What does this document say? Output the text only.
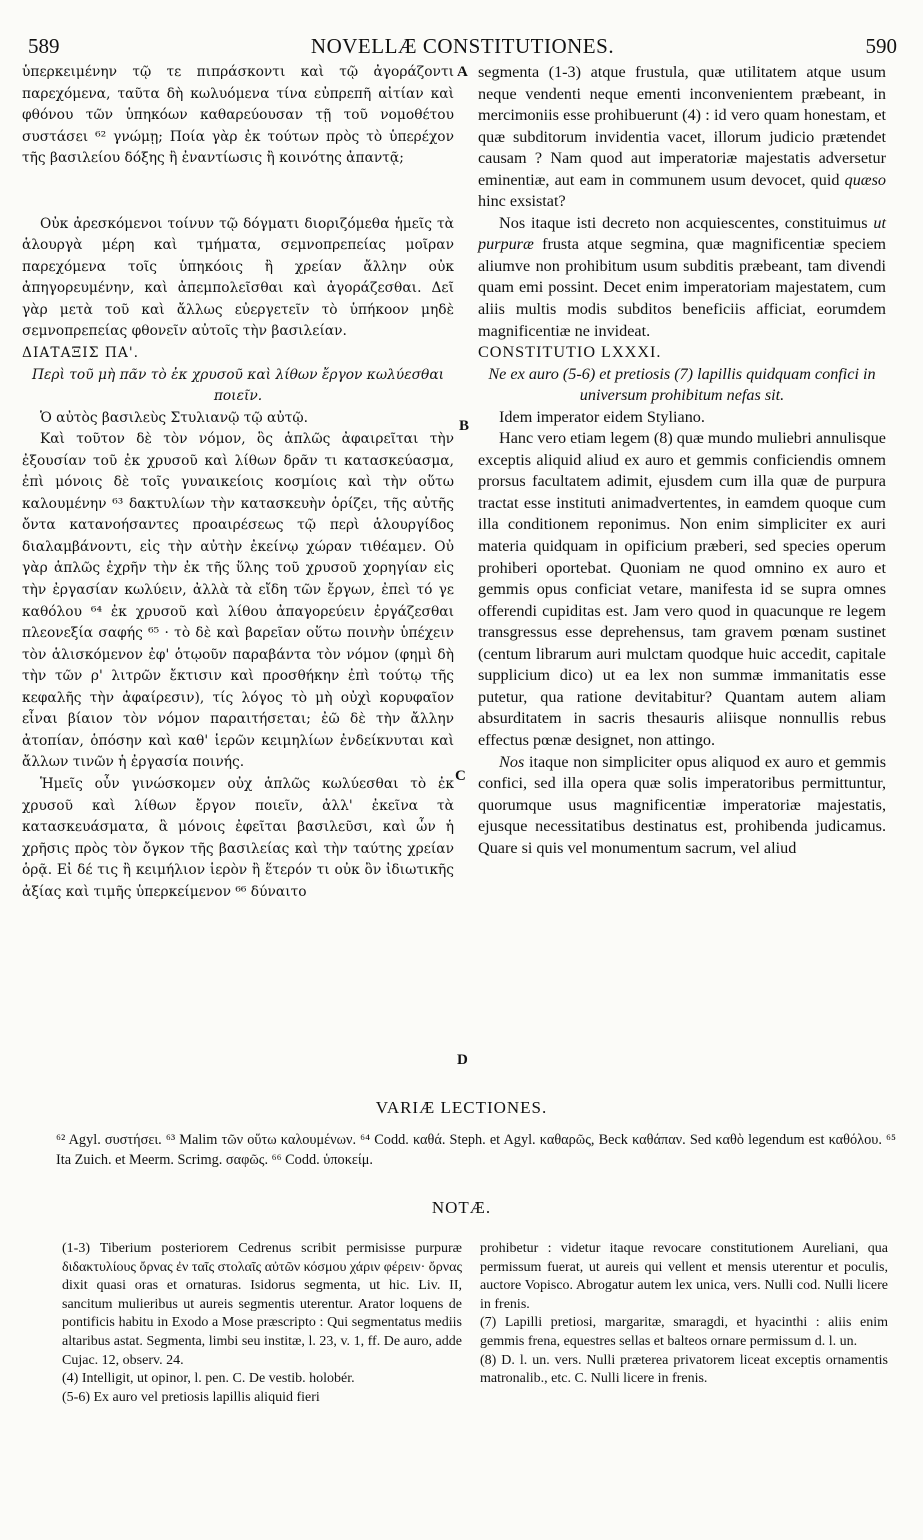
589	NOVELLÆ CONSTITUTIONES.	590

ὑπερκειμένην τῷ τε πιπράσκοντι καὶ τῷ ἀγοράζοντι παρεχόμενα, ταῦτα δὴ κωλυόμενα τίνα εὐπρεπῆ αἰτίαν καὶ φθόνου τῶν ὑπηκόων καθαρεύουσαν τῇ τοῦ νομοθέτου συστάσει ⁶² γνώμῃ; Ποία γὰρ ἐκ τούτων πρὸς τὸ ὑπερέχον τῆς βασιλείου δόξης ἢ ἐναντίωσις ἢ κοινότης ἀπαντᾷ;

Οὐκ ἀρεσκόμενοι τοίνυν τῷ δόγματι διοριζόμεθα ἡμεῖς τὰ ἁλουργὰ μέρη καὶ τμήματα, σεμνοπρεπείας μοῖραν παρεχόμενα τοῖς ὑπηκόοις ἢ χρείαν ἄλλην οὐκ ἀπηγορευμένην, καὶ ἀπεμπολεῖσθαι καὶ ἀγοράζεσθαι. Δεῖ γὰρ μετὰ τοῦ καὶ ἄλλως εὐεργετεῖν τὸ ὑπήκοον μηδὲ σεμνοπρεπείας φθονεῖν αὐτοῖς τὴν βασιλείαν.

ΔΙΑΤΑΞΙΣ ΠΑ'.

Περὶ τοῦ μὴ πᾶν τὸ ἐκ χρυσοῦ καὶ λίθων ἔργον κωλύεσθαι ποιεῖν.

Ὁ αὐτὸς βασιλεὺς Στυλιανῷ τῷ αὐτῷ.

Καὶ τοῦτον δὲ τὸν νόμον, ὃς ἁπλῶς ἀφαιρεῖται τὴν ἐξουσίαν τοῦ ἐκ χρυσοῦ καὶ λίθων δρᾶν τι κατασκεύασμα, ἐπὶ μόνοις δὲ τοῖς γυναικείοις κοσμίοις καὶ τὴν οὕτω καλουμένην ⁶³ δακτυλίων τὴν κατασκευὴν ὁρίζει, τῆς αὐτῆς ὄντα κατανοήσαντες προαιρέσεως τῷ περὶ ἁλουργίδος διαλαμβάνοντι, εἰς τὴν αὐτὴν ἐκείνῳ χώραν τιθέαμεν. Οὐ γὰρ ἁπλῶς ἐχρῆν τὴν ἐκ τῆς ὕλης τοῦ χρυσοῦ χορηγίαν εἰς τὴν ἐργασίαν κωλύειν, ἀλλὰ τὰ εἴδη τῶν ἔργων, ἐπεὶ τό γε καθόλου ⁶⁴ ἐκ χρυσοῦ καὶ λίθου ἀπαγορεύειν ἐργάζεσθαι πλεονεξία σαφής ⁶⁵ · τὸ δὲ καὶ βαρεῖαν οὕτω ποινὴν ὑπέχειν τὸν ἁλισκόμενον ἐφ' ὁτῳοῦν παραβάντα τὸν νόμον (φημὶ δὴ τὴν τῶν ρ' λιτρῶν ἔκτισιν καὶ προσθήκην ἐπὶ τούτῳ τῆς κεφαλῆς τὴν ἀφαίρεσιν), τίς λόγος τὸ μὴ οὐχὶ κορυφαῖον εἶναι βίαιον τὸν νόμον παραιτήσεται; ἐῶ δὲ τὴν ἄλλην ἀτοπίαν, ὁπόσην καὶ καθ' ἱερῶν κειμηλίων ἐνδείκνυται καὶ ἄλλων τινῶν ἡ ἐργασία ποινής.

Ἡμεῖς οὖν γινώσκομεν οὐχ ἁπλῶς κωλύεσθαι τὸ ἐκ χρυσοῦ καὶ λίθων ἔργον ποιεῖν, ἀλλ' ἐκεῖνα τὰ κατασκευάσματα, ἃ μόνοις ἐφεῖται βασιλεῦσι, καὶ ὧν ἡ χρῆσις πρὸς τὸν ὄγκον τῆς βασιλείας καὶ τὴν ταύτης χρείαν ὁρᾷ. Εἰ δέ τις ἢ κειμήλιον ἱερὸν ἢ ἕτερόν τι οὐκ ὂν ἰδιωτικῆς ἀξίας καὶ τιμῆς ὑπερκείμενον ⁶⁶ δύναιτο

A
B
C
D

segmenta (1-3) atque frustula, quæ utilitatem atque usum neque vendenti neque ementi inconvenientem præbeant, in mercimoniis esse prohibuerunt (4) : id vero quam honestam, et quæ subditorum invidentia vacet, illorum judicio prætendet causam ? Nam quod aut imperatoriæ majestatis adversetur eminentiæ, aut eam in communem usum devocet, quid quæso hinc exsistat?

Nos itaque isti decreto non acquiescentes, constituimus ut purpuræ frusta atque segmina, quæ magnificentiæ speciem aliumve non prohibitum usum subditis præbeant, tam divendi quam emi possint. Decet enim imperatoriam majestatem, cum aliis multis modis subditos beneficiis afficiat, eorumdem magnificentiæ ne invideat.

CONSTITUTIO LXXXI.

Ne ex auro (5-6) et pretiosis (7) lapillis quidquam confici in universum prohibitum nefas sit.

Idem imperator eidem Styliano.

Hanc vero etiam legem (8) quæ mundo muliebri annulisque exceptis aliquid aliud ex auro et gemmis conficiendis omnem prorsus facultatem adimit, ejusdem cum illa quæ de purpura tractat esse instituti animadvertentes, in eamdem quoque cum illa conditionem reponimus. Non enim simpliciter ex auri materia quidquam in opificium præberi, sed species operum prohiberi oportebat. Quoniam ne quod omnino ex auro et gemmis opus conficiat vetare, manifesta id se supra omnes offerendi cupiditas est. Jam vero quod in quacunque re legem transgressus esse deprehensus, tam gravem pœnam sustinet (centum librarum auri mulctam quodque huic accedit, capitale supplicium dico) ut ea lex non summæ immanitatis esse putetur, qua ratione devitabitur? Quantam autem aliam absurditatem in sacris thesauris aliisque nonnullis rebus effectus pœnæ designet, non attingo.

Nos itaque non simpliciter opus aliquod ex auro et gemmis confici, sed illa opera quæ solis imperatoribus permittuntur, quorumque usus magnificentiæ imperatoriæ majestatis, ejusque necessitatibus destinatus est, prohibenda judicamus. Quare si quis vel monumentum sacrum, vel aliud

VARIÆ LECTIONES.
⁶² Agyl. συστήσει. ⁶³ Malim τῶν οὕτω καλουμένων. ⁶⁴ Codd. καθά. Steph. et Agyl. καθαρῶς, Beck καθάπαν. Sed καθὸ legendum est καθόλου. ⁶⁵ Ita Zuich. et Meerm. Scrimg. σαφῶς. ⁶⁶ Codd. ὑποκείμ.
NOTÆ.

(1-3) Tiberium posteriorem Cedrenus scribit permisisse purpuræ διδακτυλίους ὄρνας ἐν ταῖς στολαῖς αὐτῶν κόσμου χάριν φέρειν· ὄρνας dixit quasi oras et ornaturas. Isidorus segmenta, ut hic. Liv. II, sancitum mulieribus ut aureis segmentis uterentur. Arator loquens de pontificis habitu in Exodo a Mose præscripto : Qui segmentatus mediis altaribus astat. Segmenta, limbi seu institæ, l. 23, v. 1, ff. De auro, adde Cujac. 12, observ. 24.

(4) Intelligit, ut opinor, l. pen. C. De vestib. holobér.

(5-6) Ex auro vel pretiosis lapillis aliquid fieri

prohibetur : videtur itaque revocare constitutionem Aureliani, qua permissum fuerat, ut aureis qui vellent et mensis uterentur et poculis, auctore Vopisco. Abrogatur autem lex unica, vers. Nulli cod. Nulli licere in frenis.

(7) Lapilli pretiosi, margaritæ, smaragdi, et hyacinthi : aliis enim gemmis frena, equestres sellas et balteos ornare permissum d. l. un.

(8) D. l. un. vers. Nulli præterea privatorem liceat exceptis ornamentis matronalib., etc. C. Nulli licere in frenis.
